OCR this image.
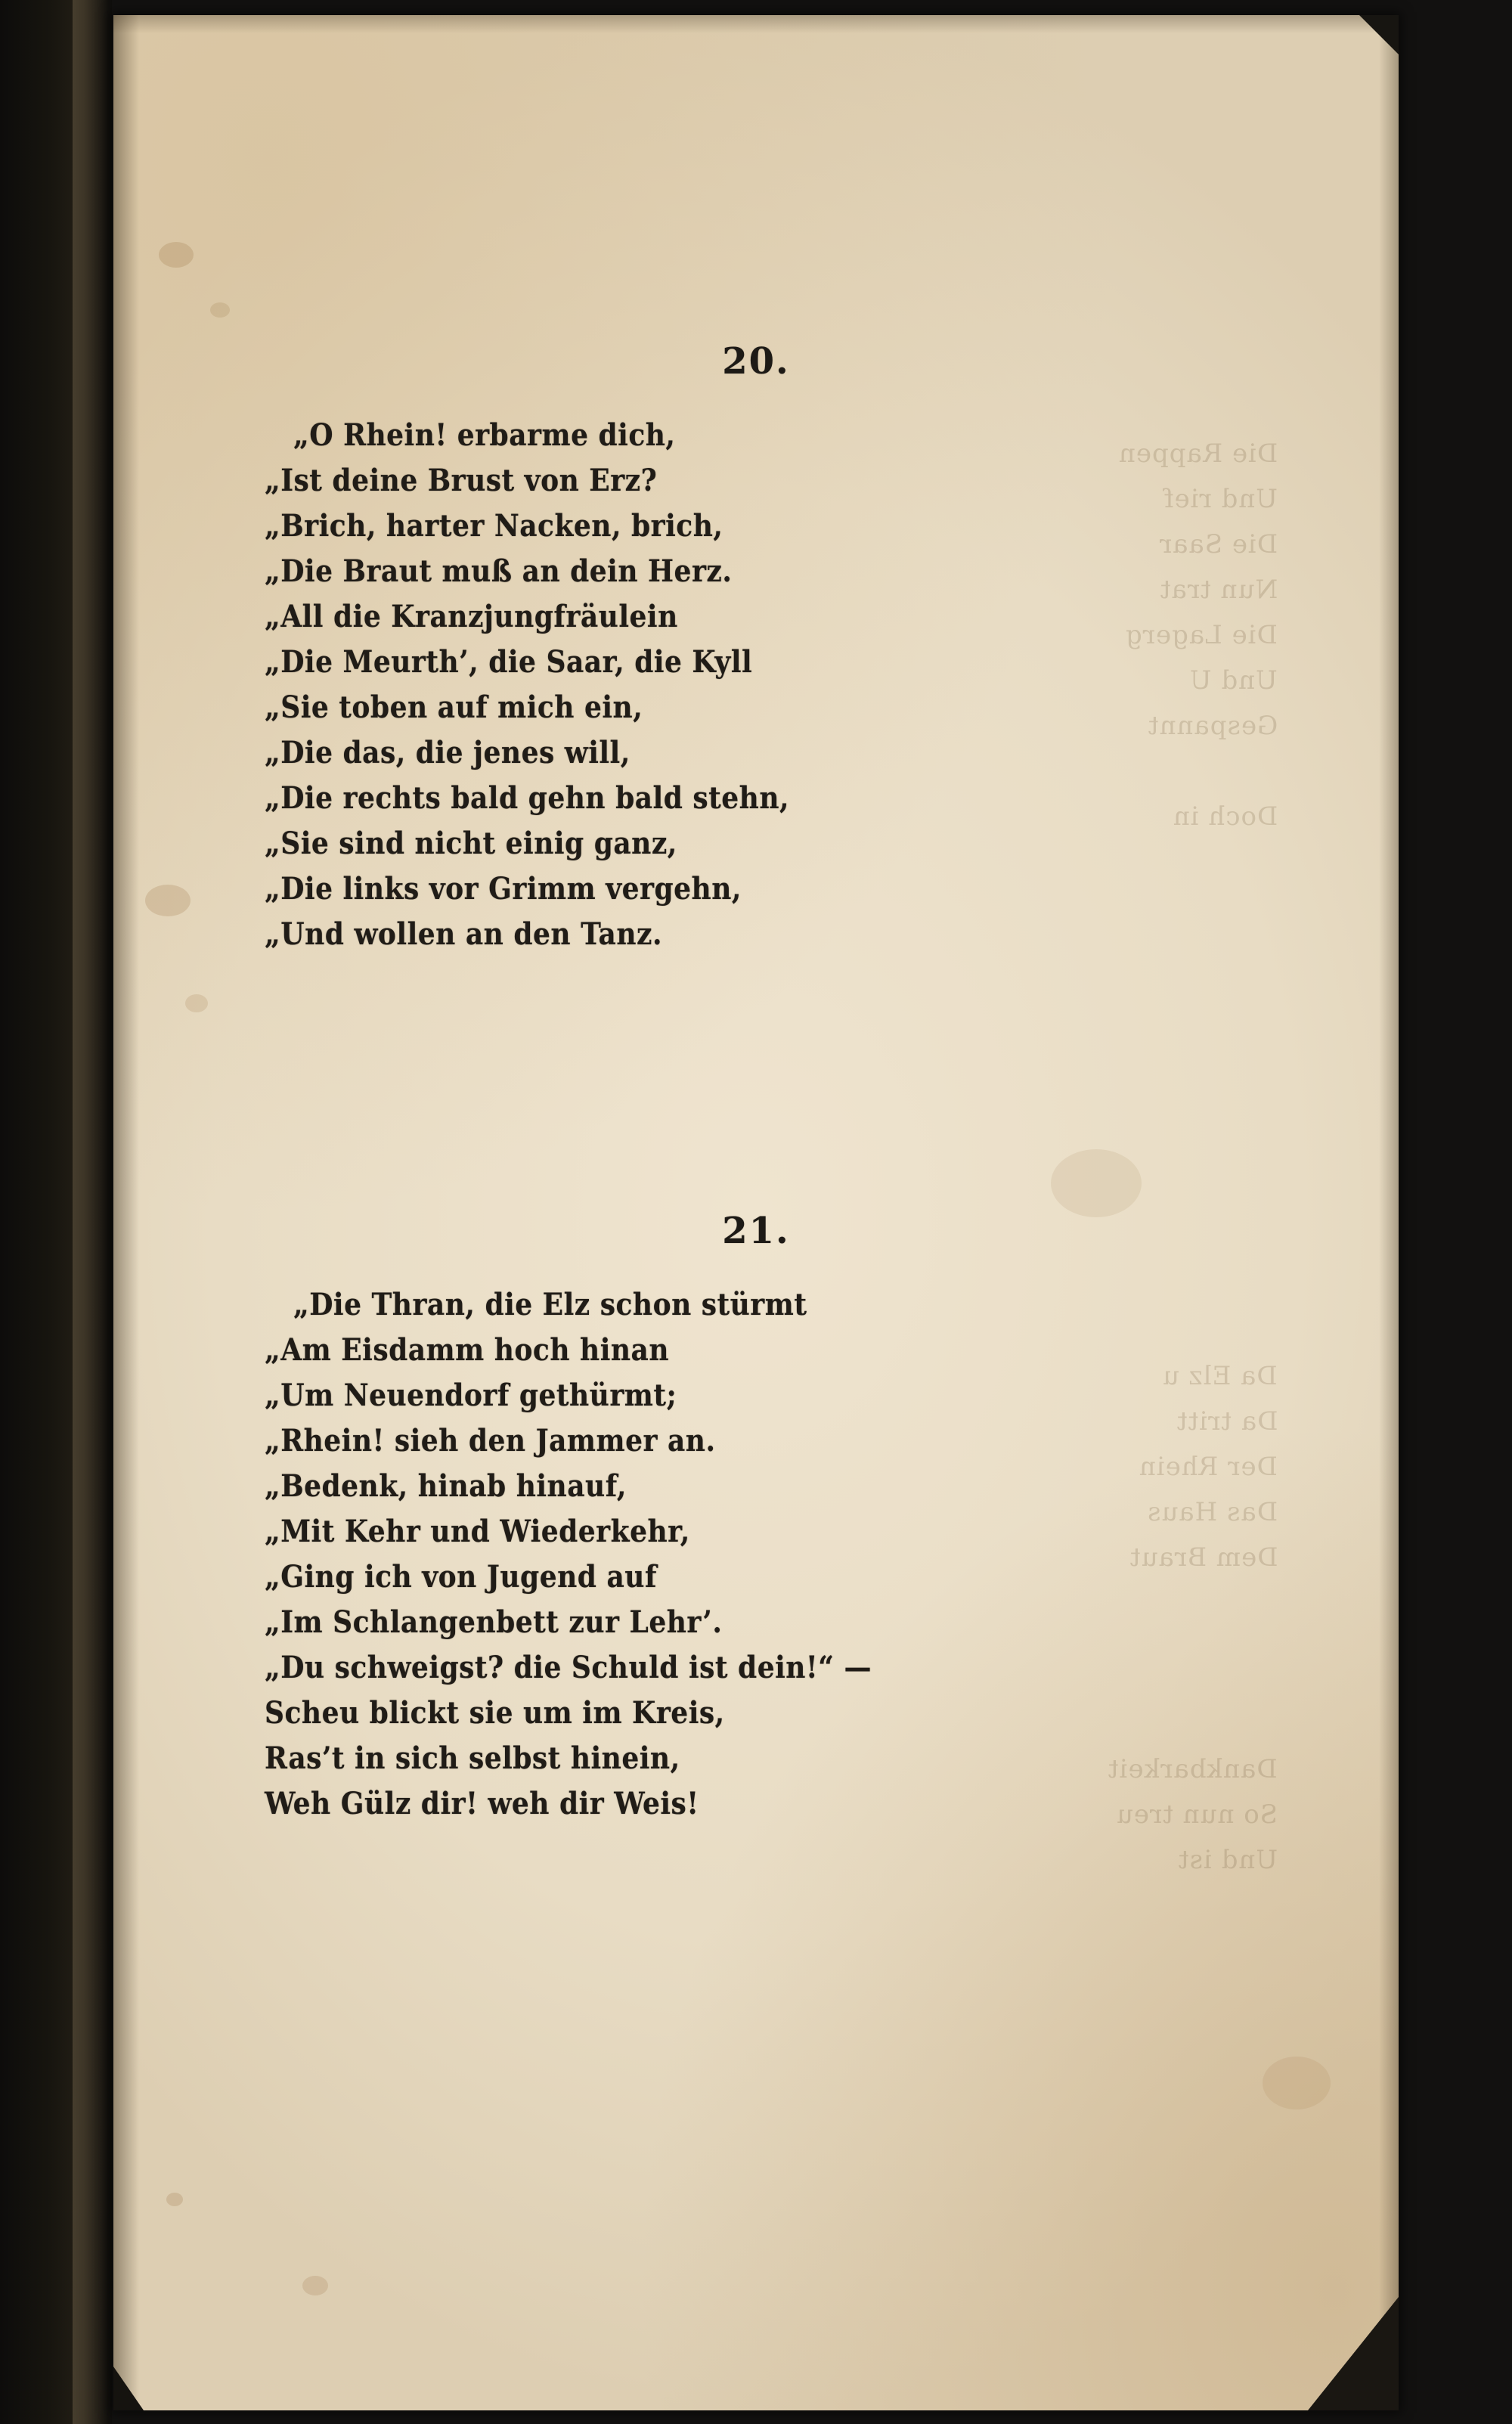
Die Rappen
Und rief
Die Saar
Nun trat
Die Lagerg
Und U
Gespannt
Doch in
Da Elz u
Da tritt
Der Rhein
Das Haus
Dem Braut
Dankbarkeit
So nun treu
Und ist
20.
„O Rhein! erbarme dich,
„Ist deine Brust von Erz?
„Brich, harter Nacken, brich,
„Die Braut muß an dein Herz.
„All die Kranzjungfräulein
„Die Meurth’, die Saar, die Kyll
„Sie toben auf mich ein,
„Die das, die jenes will,
„Die rechts bald gehn bald stehn,
„Sie sind nicht einig ganz,
„Die links vor Grimm vergehn,
„Und wollen an den Tanz.
21.
„Die Thran, die Elz schon stürmt
„Am Eisdamm hoch hinan
„Um Neuendorf gethürmt;
„Rhein! sieh den Jammer an.
„Bedenk, hinab hinauf,
„Mit Kehr und Wiederkehr,
„Ging ich von Jugend auf
„Im Schlangenbett zur Lehr’.
„Du schweigst? die Schuld ist dein!“ —
Scheu blickt sie um im Kreis,
Ras’t in sich selbst hinein,
Weh Gülz dir! weh dir Weis!
